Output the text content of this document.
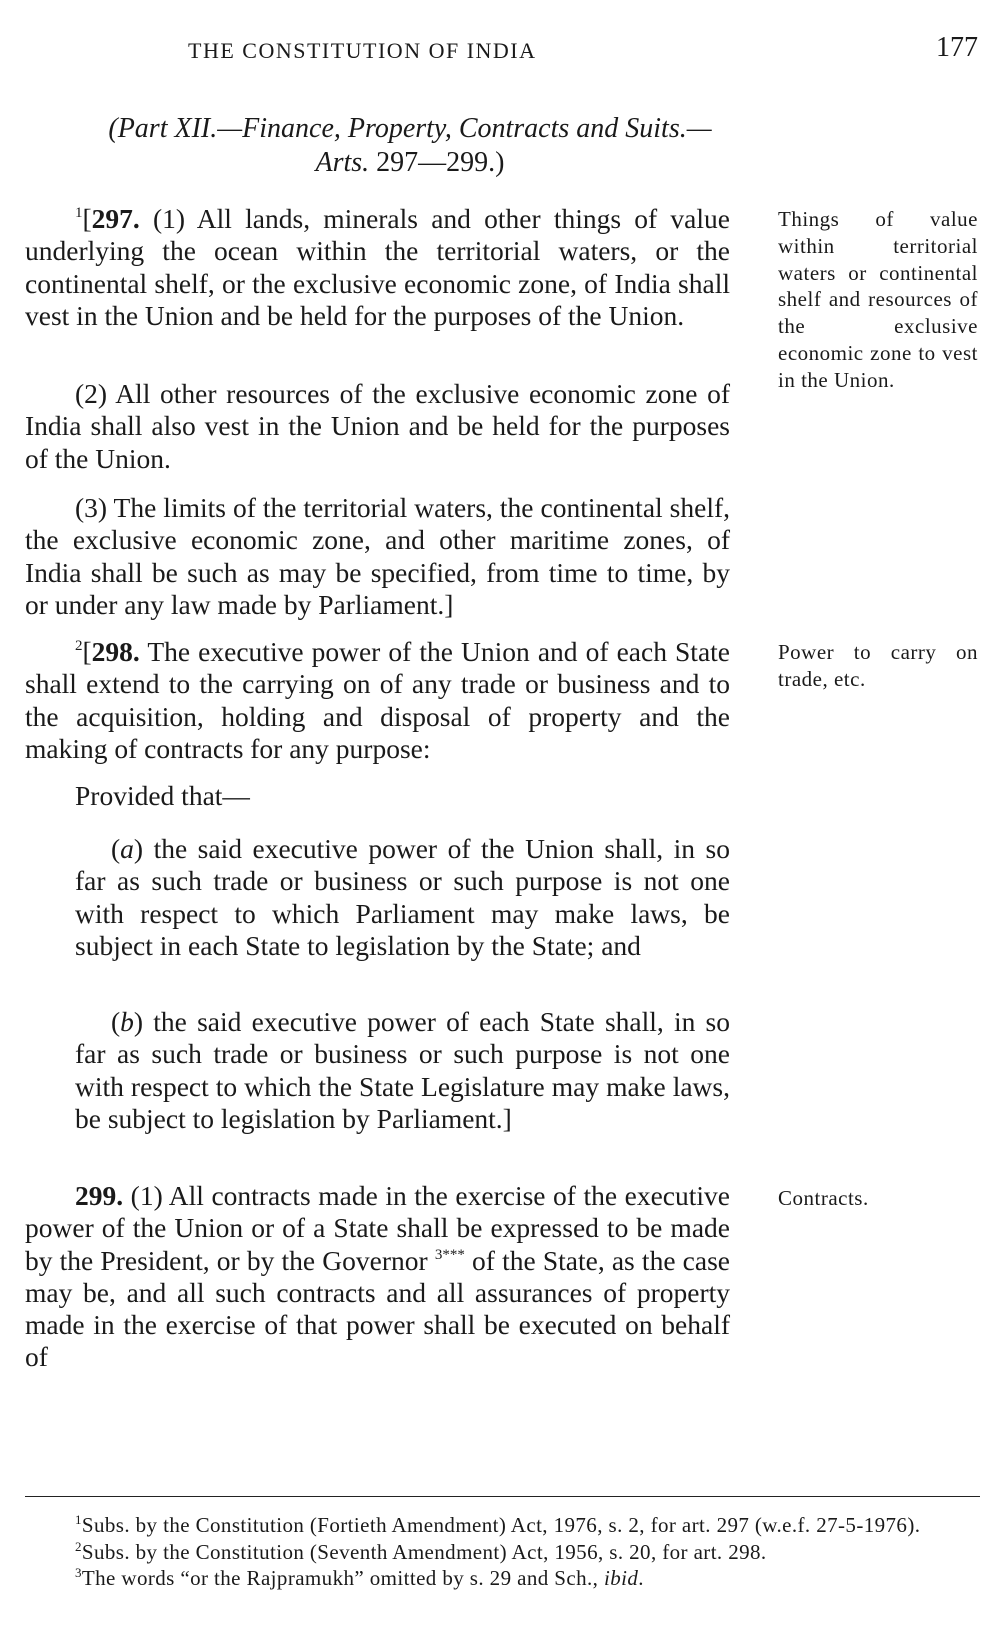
THE CONSTITUTION OF INDIA	177
(Part XII.—Finance, Property, Contracts and Suits.—
Arts. 297—299.)

$^1$[297. (1) All lands, minerals and other things of value underlying the ocean within the territorial waters, or the continental shelf, or the exclusive economic zone, of India shall vest in the Union and be held for the purposes of the Union.

(2) All other resources of the exclusive economic zone of India shall also vest in the Union and be held for the purposes of the Union.

(3) The limits of the territorial waters, the continental shelf, the exclusive economic zone, and other maritime zones, of India shall be such as may be specified, from time to time, by or under any law made by Parliament.]

Things of value within territorial waters or continental shelf and resources of the exclusive economic zone to vest in the Union.

$^2$[298. The executive power of the Union and of each State shall extend to the carrying on of any trade or business and to the acquisition, holding and disposal of property and the making of contracts for any purpose:

Provided that—

(a) the said executive power of the Union shall, in so far as such trade or business or such purpose is not one with respect to which Parliament may make laws, be subject in each State to legislation by the State; and

(b) the said executive power of each State shall, in so far as such trade or business or such purpose is not one with respect to which the State Legislature may make laws, be subject to legislation by Parliament.]

Power to carry on trade, etc.

299. (1) All contracts made in the exercise of the executive power of the Union or of a State shall be expressed to be made by the President, or by the Governor $^{3***}$ of the State, as the case may be, and all such contracts and all assurances of property made in the exercise of that power shall be executed on behalf of

Contracts.

$^1$Subs. by the Constitution (Fortieth Amendment) Act, 1976, s. 2, for art. 297 (w.e.f. 27-5-1976).

$^2$Subs. by the Constitution (Seventh Amendment) Act, 1956, s. 20, for art. 298.

$^3$The words “or the Rajpramukh” omitted by s. 29 and Sch., ibid.
